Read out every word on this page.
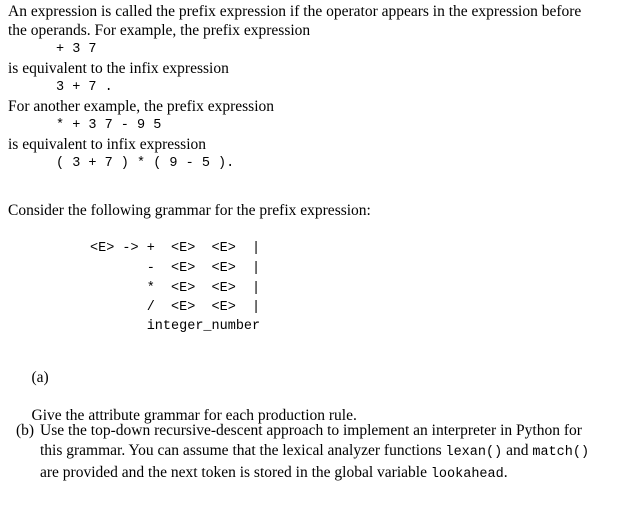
An expression is called the prefix expression if the operator appears in the expression before
the operands. For example, the prefix expression
+ 3 7
is equivalent to the infix expression
3 + 7 .
For another example, the prefix expression
* + 3 7 - 9 5
is equivalent to infix expression
( 3 + 7 ) * ( 9 - 5 ).
Consider the following grammar for the prefix expression:
<E> -> +  <E>  <E>  |
-  <E>  <E>  |
*  <E>  <E>  |
/  <E>  <E>  |
integer_number

(a)

Give the attribute grammar for each production rule.

(b) Use the top-down recursive-descent approach to implement an interpreter in Python for this grammar. You can assume that the lexical analyzer functions lexan() and match() are provided and the next token is stored in the global variable lookahead.
